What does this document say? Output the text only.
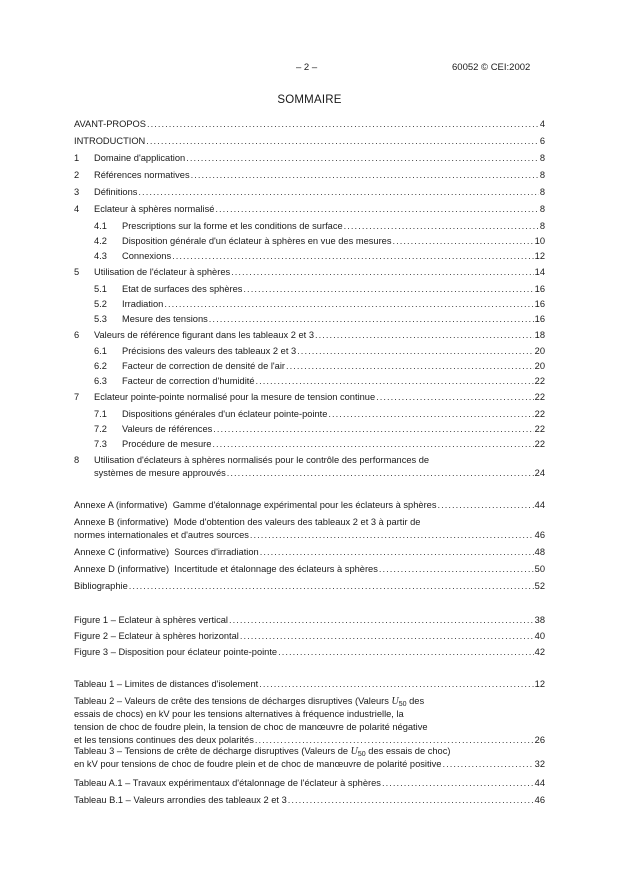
– 2 –	60052 © CEI:2002
SOMMAIRE
AVANT-PROPOS .....	4
INTRODUCTION .....	6
1	Domaine d'application .....	8
2	Références normatives .....	8
3	Définitions .....	8
4	Eclateur à sphères normalisé .....	8
4.1	Prescriptions sur la forme et les conditions de surface .....	8
4.2	Disposition générale d'un éclateur à sphères en vue des mesures .....	10
4.3	Connexions .....	12
5	Utilisation de l'éclateur à sphères .....	14
5.1	Etat de surfaces des sphères .....	16
5.2	Irradiation .....	16
5.3	Mesure des tensions .....	16
6	Valeurs de référence figurant dans les tableaux 2 et 3 .....	18
6.1	Précisions des valeurs des tableaux 2 et 3 .....	20
6.2	Facteur de correction de densité de l'air .....	20
6.3	Facteur de correction d'humidité .....	22
7	Eclateur pointe-pointe normalisé pour la mesure de tension continue .....	22
7.1	Dispositions générales d'un éclateur pointe-pointe .....	22
7.2	Valeurs de références .....	22
7.3	Procédure de mesure .....	22
8	Utilisation d'éclateurs à sphères normalisés pour le contrôle des performances de
systèmes de mesure approuvés .....	24
Annexe A (informative)  Gamme d'étalonnage expérimental pour les éclateurs à sphères .....	44
Annexe B (informative)  Mode d'obtention des valeurs des tableaux 2 et 3 à partir de
normes internationales et d'autres sources .....	46
Annexe C (informative)  Sources d'irradiation .....	48
Annexe D (informative)  Incertitude et étalonnage des éclateurs à sphères .....	50
Bibliographie .....	52
Figure 1 – Eclateur à sphères vertical .....	38
Figure 2 – Eclateur à sphères horizontal .....	40
Figure 3 – Disposition pour éclateur pointe-pointe .....	42
Tableau 1 – Limites de distances d'isolement .....	12
Tableau 2 – Valeurs de crête des tensions de décharges disruptives (Valeurs $U_{50}$ des
essais de chocs) en kV pour les tensions alternatives à fréquence industrielle, la
tension de choc de foudre plein, la tension de choc de manœuvre de polarité négative
et les tensions continues des deux polarités .....	26
Tableau 3 – Tensions de crête de décharge disruptives (Valeurs de $U_{50}$ des essais de choc)
en kV pour tensions de choc de foudre plein et de choc de manœuvre de polarité positive .....	32
Tableau A.1 – Travaux expérimentaux d'étalonnage de l'éclateur à sphères .....	44
Tableau B.1 – Valeurs arrondies des tableaux 2 et 3 .....	46
